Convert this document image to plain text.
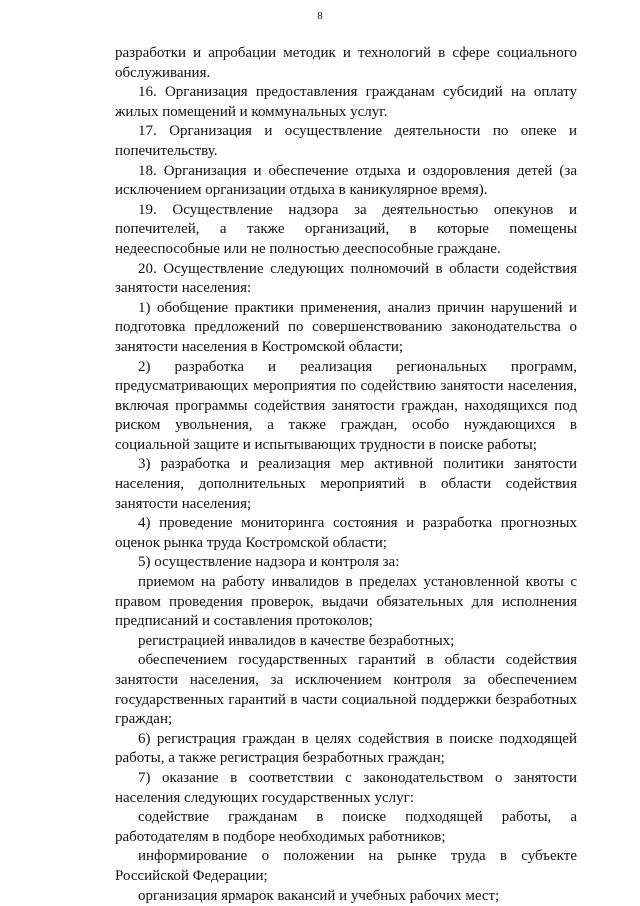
8

разработки и апробации методик и технологий в сфере социального обслуживания.

16. Организация предоставления гражданам субсидий на оплату жилых помещений и коммунальных услуг.

17. Организация и осуществление деятельности по опеке и попечительству.

18. Организация и обеспечение отдыха и оздоровления детей (за исключением организации отдыха в каникулярное время).

19. Осуществление надзора за деятельностью опекунов и попечителей, а также организаций, в которые помещены недееспособные или не полностью дееспособные граждане.

20. Осуществление следующих полномочий в области содействия занятости населения:

1) обобщение практики применения, анализ причин нарушений и подготовка предложений по совершенствованию законодательства о занятости населения в Костромской области;

2) разработка и реализация региональных программ, предусматривающих мероприятия по содействию занятости населения, включая программы содействия занятости граждан, находящихся под риском увольнения, а также граждан, особо нуждающихся в социальной защите и испытывающих трудности в поиске работы;

3) разработка и реализация мер активной политики занятости населения, дополнительных мероприятий в области содействия занятости населения;

4) проведение мониторинга состояния и разработка прогнозных оценок рынка труда Костромской области;

5) осуществление надзора и контроля за:

приемом на работу инвалидов в пределах установленной квоты с правом проведения проверок, выдачи обязательных для исполнения предписаний и составления протоколов;

регистрацией инвалидов в качестве безработных;

обеспечением государственных гарантий в области содействия занятости населения, за исключением контроля за обеспечением государственных гарантий в части социальной поддержки безработных граждан;

6) регистрация граждан в целях содействия в поиске подходящей работы, а также регистрация безработных граждан;

7) оказание в соответствии с законодательством о занятости населения следующих государственных услуг:

содействие гражданам в поиске подходящей работы, а работодателям в подборе необходимых работников;

информирование о положении на рынке труда в субъекте Российской Федерации;

организация ярмарок вакансий и учебных рабочих мест;
